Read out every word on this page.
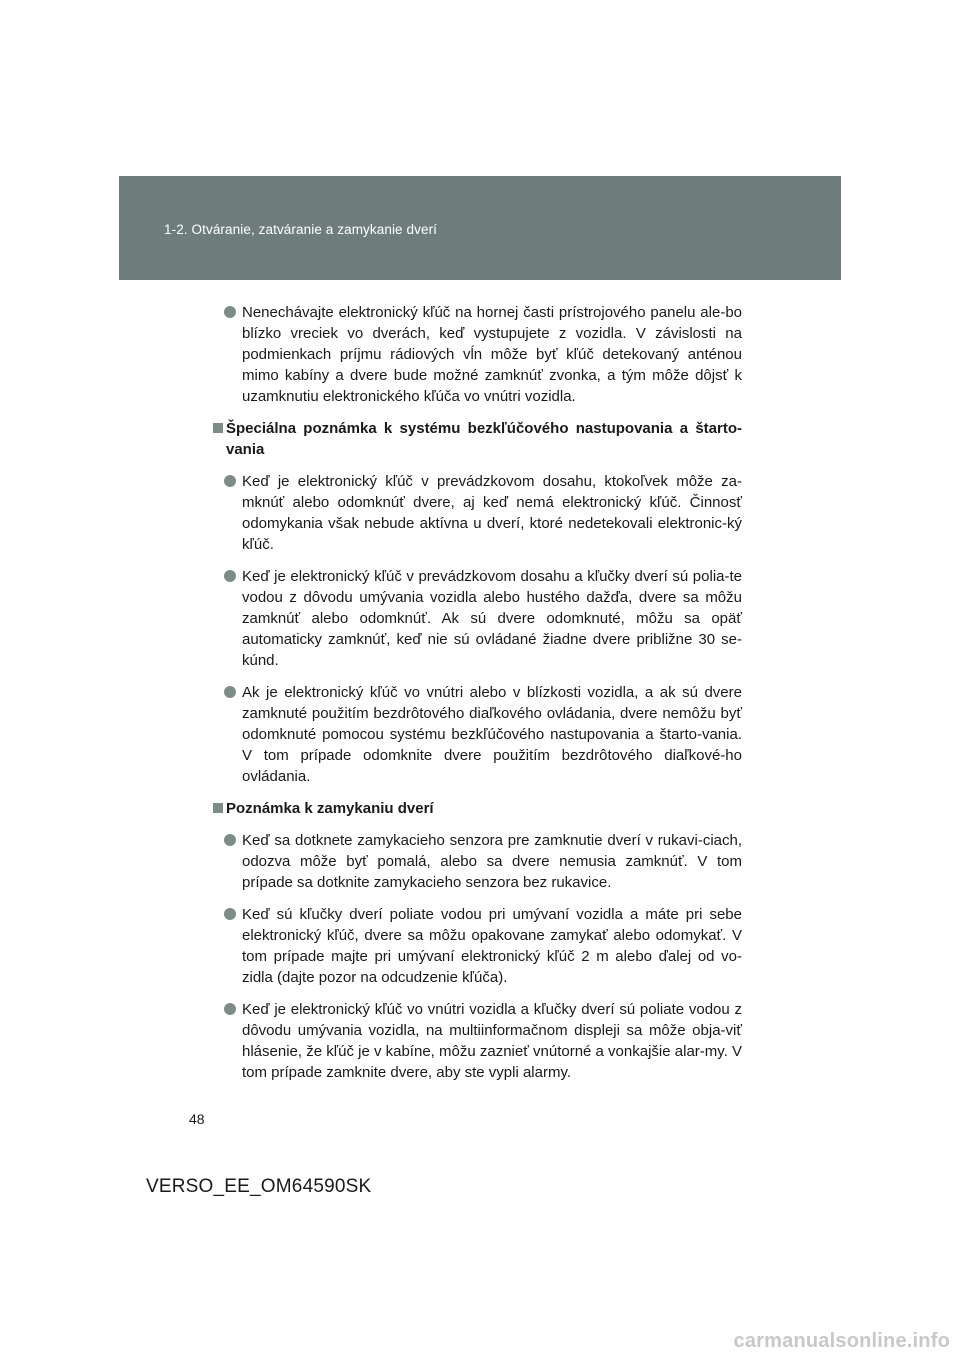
1-2. Otváranie, zatváranie a zamykanie dverí
Nenechávajte elektronický kľúč na hornej časti prístrojového panelu ale-bo blízko vreciek vo dverách, keď vystupujete z vozidla. V závislosti na podmienkach príjmu rádiových vĺn môže byť kľúč detekovaný anténou mimo kabíny a dvere bude možné zamknúť zvonka, a tým môže dôjsť k uzamknutiu elektronického kľúča vo vnútri vozidla.
Špeciálna poznámka k systému bezkľúčového nastupovania a štarto-vania
Keď je elektronický kľúč v prevádzkovom dosahu, ktokoľvek môže za-mknúť alebo odomknúť dvere, aj keď nemá elektronický kľúč. Činnosť odomykania však nebude aktívna u dverí, ktoré nedetekovali elektronic-ký kľúč.
Keď je elektronický kľúč v prevádzkovom dosahu a kľučky dverí sú polia-te vodou z dôvodu umývania vozidla alebo hustého dažďa, dvere sa môžu zamknúť alebo odomknúť. Ak sú dvere odomknuté, môžu sa opäť automaticky zamknúť, keď nie sú ovládané žiadne dvere približne 30 se-kúnd.
Ak je elektronický kľúč vo vnútri alebo v blízkosti vozidla, a ak sú dvere zamknuté použitím bezdrôtového diaľkového ovládania, dvere nemôžu byť odomknuté pomocou systému bezkľúčového nastupovania a štarto-vania. V tom prípade odomknite dvere použitím bezdrôtového diaľkové-ho ovládania.
Poznámka k zamykaniu dverí
Keď sa dotknete zamykacieho senzora pre zamknutie dverí v rukavi-ciach, odozva môže byť pomalá, alebo sa dvere nemusia zamknúť. V tom prípade sa dotknite zamykacieho senzora bez rukavice.
Keď sú kľučky dverí poliate vodou pri umývaní vozidla a máte pri sebe elektronický kľúč, dvere sa môžu opakovane zamykať alebo odomykať. V tom prípade majte pri umývaní elektronický kľúč 2 m alebo ďalej od vo-zidla (dajte pozor na odcudzenie kľúča).
Keď je elektronický kľúč vo vnútri vozidla a kľučky dverí sú poliate vodou z dôvodu umývania vozidla, na multiinformačnom displeji sa môže obja-viť hlásenie, že kľúč je v kabíne, môžu zaznieť vnútorné a vonkajšie alar-my. V tom prípade zamknite dvere, aby ste vypli alarmy.
48
VERSO_EE_OM64590SK
carmanualsonline.info
